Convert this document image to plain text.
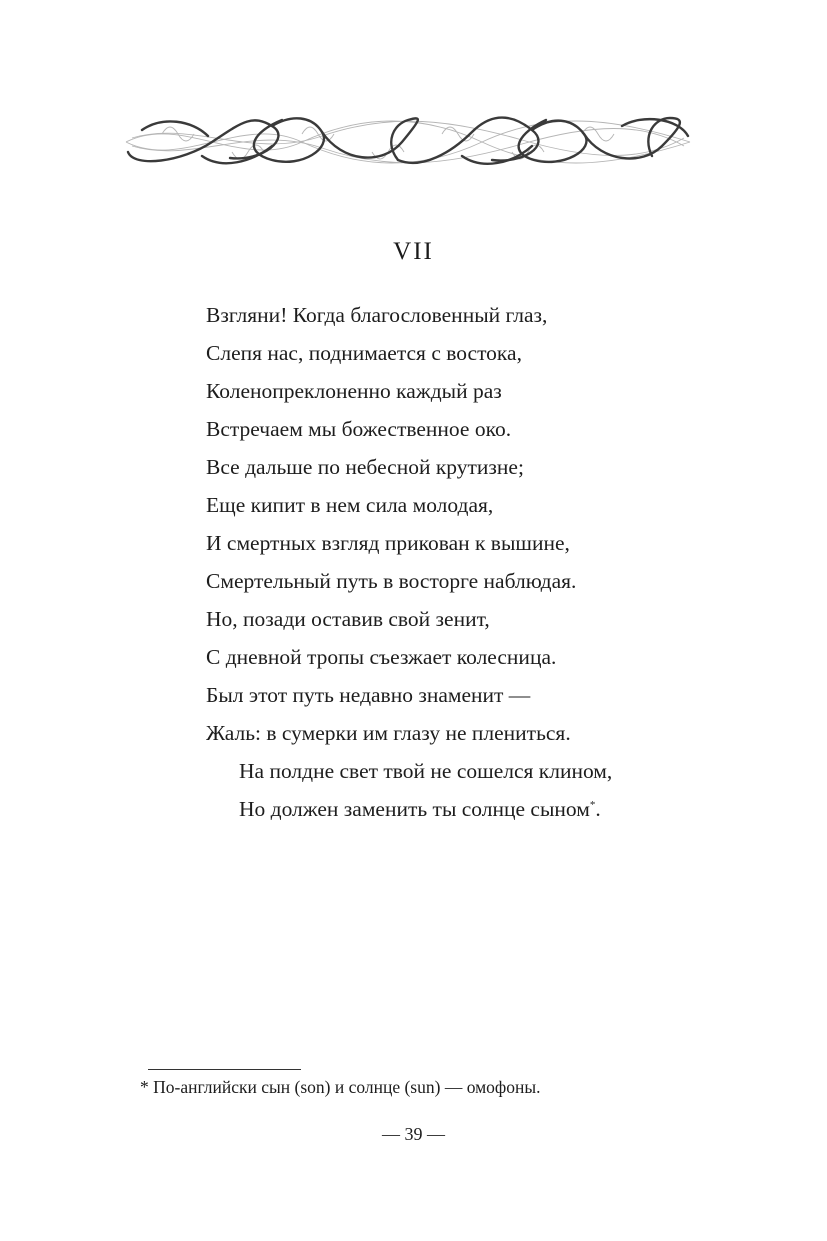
VII
Взгляни! Когда благословенный глаз,
Слепя нас, поднимается с востока,
Коленопреклоненно каждый раз
Встречаем мы божественное око.
Все дальше по небесной крутизне;
Еще кипит в нем сила молодая,
И смертных взгляд прикован к вышине,
Смертельный путь в восторге наблюдая.
Но, позади оставив свой зенит,
С дневной тропы съезжает колесница.
Был этот путь недавно знаменит —
Жаль: в сумерки им глазу не плениться.
На полдне свет твой не сошелся клином,
Но должен заменить ты солнце сыном*.
* По-английски сын (son) и солнце (sun) — омофоны.
— 39 —
